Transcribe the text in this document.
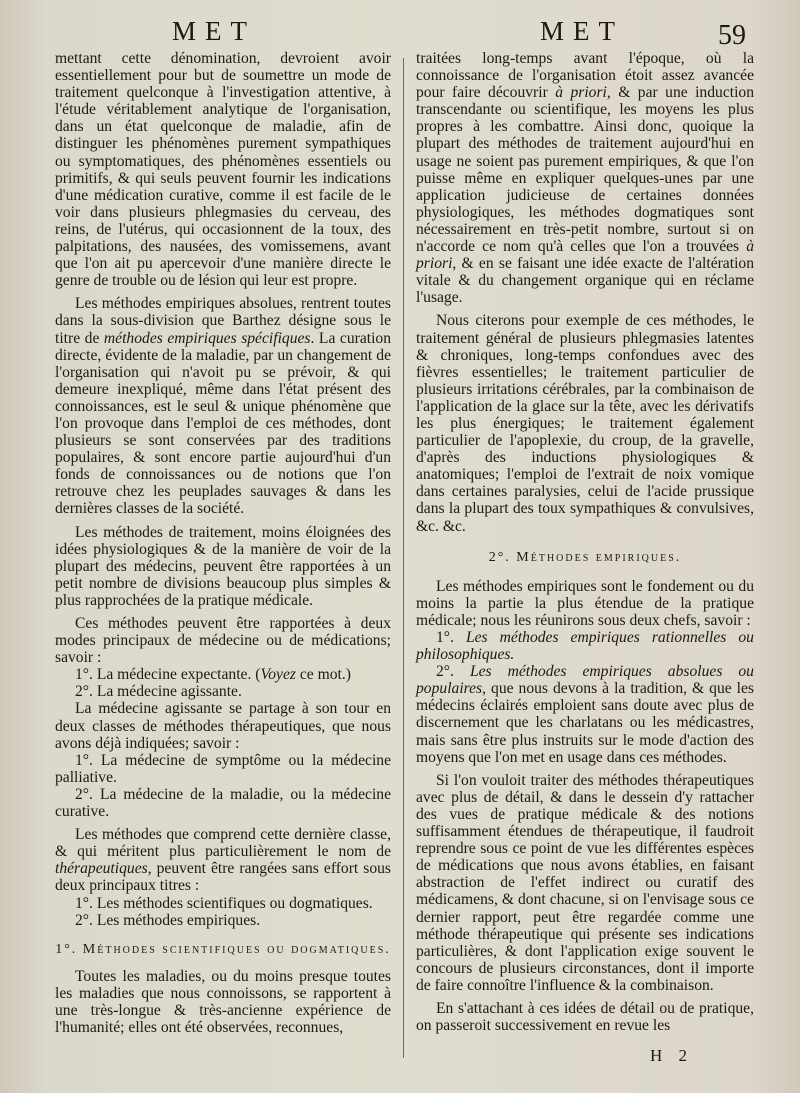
MET	MET	59

mettant cette dénomination, devroient avoir essentiellement pour but de soumettre un mode de traitement quelconque à l'investigation attentive, à l'étude véritablement analytique de l'organisation, dans un état quelconque de maladie, afin de distinguer les phénomènes purement sympathiques ou symptomatiques, des phénomènes essentiels ou primitifs, & qui seuls peuvent fournir les indications d'une médication curative, comme il est facile de le voir dans plusieurs phlegmasies du cerveau, des reins, de l'utérus, qui occasionnent de la toux, des palpitations, des nausées, des vomissemens, avant que l'on ait pu apercevoir d'une manière directe le genre de trouble ou de lésion qui leur est propre.

Les méthodes empiriques absolues, rentrent toutes dans la sous-division que Barthez désigne sous le titre de méthodes empiriques spécifiques. La curation directe, évidente de la maladie, par un changement de l'organisation qui n'avoit pu se prévoir, & qui demeure inexpliqué, même dans l'état présent des connoissances, est le seul & unique phénomène que l'on provoque dans l'emploi de ces méthodes, dont plusieurs se sont conservées par des traditions populaires, & sont encore partie aujourd'hui d'un fonds de connoissances ou de notions que l'on retrouve chez les peuplades sauvages & dans les dernières classes de la société.

Les méthodes de traitement, moins éloignées des idées physiologiques & de la manière de voir de la plupart des médecins, peuvent être rapportées à un petit nombre de divisions beaucoup plus simples & plus rapprochées de la pratique médicale.

Ces méthodes peuvent être rapportées à deux modes principaux de médecine ou de médications; savoir :

1°. La médecine expectante. (Voyez ce mot.)

2°. La médecine agissante.

La médecine agissante se partage à son tour en deux classes de méthodes thérapeutiques, que nous avons déjà indiquées; savoir :

1°. La médecine de symptôme ou la médecine palliative.

2°. La médecine de la maladie, ou la médecine curative.

Les méthodes que comprend cette dernière classe, & qui méritent plus particulièrement le nom de thérapeutiques, peuvent être rangées sans effort sous deux principaux titres :

1°. Les méthodes scientifiques ou dogmatiques.

2°. Les méthodes empiriques.

1°. Méthodes scientifiques ou dogmatiques.

Toutes les maladies, ou du moins presque toutes les maladies que nous connoissons, se rapportent à une très-longue & très-ancienne expérience de l'humanité; elles ont été observées, reconnues,

traitées long-temps avant l'époque, où la connoissance de l'organisation étoit assez avancée pour faire découvrir à priori, & par une induction transcendante ou scientifique, les moyens les plus propres à les combattre. Ainsi donc, quoique la plupart des méthodes de traitement aujourd'hui en usage ne soient pas purement empiriques, & que l'on puisse même en expliquer quelques-unes par une application judicieuse de certaines données physiologiques, les méthodes dogmatiques sont nécessairement en très-petit nombre, surtout si on n'accorde ce nom qu'à celles que l'on a trouvées à priori, & en se faisant une idée exacte de l'altération vitale & du changement organique qui en réclame l'usage.

Nous citerons pour exemple de ces méthodes, le traitement général de plusieurs phlegmasies latentes & chroniques, long-temps confondues avec des fièvres essentielles; le traitement particulier de plusieurs irritations cérébrales, par la combinaison de l'application de la glace sur la tête, avec les dérivatifs les plus énergiques; le traitement également particulier de l'apoplexie, du croup, de la gravelle, d'après des inductions physiologiques & anatomiques; l'emploi de l'extrait de noix vomique dans certaines paralysies, celui de l'acide prussique dans la plupart des toux sympathiques & convulsives, &c. &c.

2°. Méthodes empiriques.

Les méthodes empiriques sont le fondement ou du moins la partie la plus étendue de la pratique médicale; nous les réunirons sous deux chefs, savoir :

1°. Les méthodes empiriques rationnelles ou philosophiques.

2°. Les méthodes empiriques absolues ou populaires, que nous devons à la tradition, & que les médecins éclairés emploient sans doute avec plus de discernement que les charlatans ou les médicastres, mais sans être plus instruits sur le mode d'action des moyens que l'on met en usage dans ces méthodes.

Si l'on vouloit traiter des méthodes thérapeutiques avec plus de détail, & dans le dessein d'y rattacher des vues de pratique médicale & des notions suffisamment étendues de thérapeutique, il faudroit reprendre sous ce point de vue les différentes espèces de médications que nous avons établies, en faisant abstraction de l'effet indirect ou curatif des médicamens, & dont chacune, si on l'envisage sous ce dernier rapport, peut être regardée comme une méthode thérapeutique qui présente ses indications particulières, & dont l'application exige souvent le concours de plusieurs circonstances, dont il importe de faire connoître l'influence & la combinaison.

En s'attachant à ces idées de détail ou de pratique, on passeroit successivement en revue les

H 2
